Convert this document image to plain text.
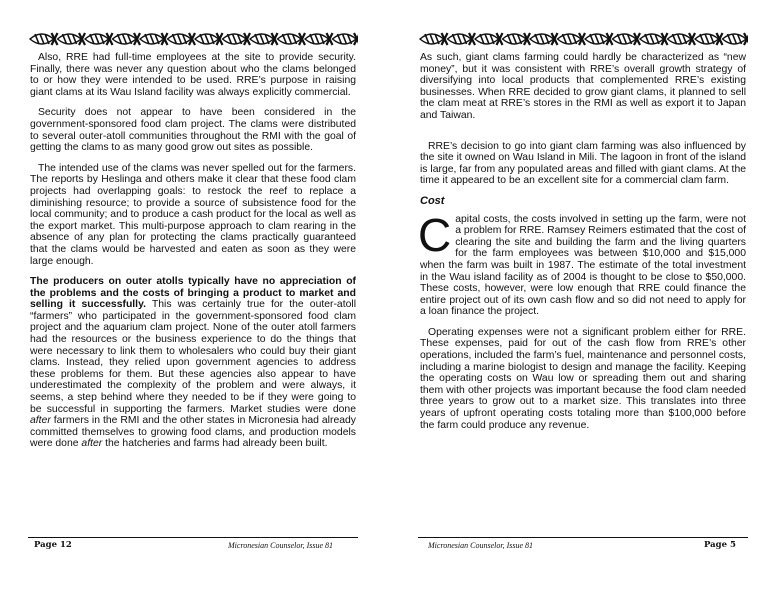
Also, RRE had full-time employees at the site to provide security. Finally, there was never any question about who the clams belonged to or how they were intended to be used. RRE’s purpose in raising giant clams at its Wau Island facility was always explicitly commercial.

Security does not appear to have been considered in the government-sponsored food clam project. The clams were distributed to several outer-atoll communities throughout the RMI with the goal of getting the clams to as many good grow out sites as possible.

The intended use of the clams was never spelled out for the farmers. The reports by Heslinga and others make it clear that these food clam projects had overlapping goals: to restock the reef to replace a diminishing resource; to provide a source of subsistence food for the local community; and to produce a cash product for the local as well as the export market. This multi-purpose approach to clam rearing in the absence of any plan for protecting the clams practically guaranteed that the clams would be harvested and eaten as soon as they were large enough.

The producers on outer atolls typically have no appreciation of the problems and the costs of bringing a product to market and selling it successfully. This was certainly true for the outer-atoll “farmers” who participated in the government-sponsored food clam project and the aquarium clam project. None of the outer atoll farmers had the resources or the business experience to do the things that were necessary to link them to wholesalers who could buy their giant clams. Instead, they relied upon government agencies to address these problems for them. But these agencies also appear to have underestimated the complexity of the problem and were always, it seems, a step behind where they needed to be if they were going to be successful in supporting the farmers. Market studies were done after farmers in the RMI and the other states in Micronesia had already committed themselves to growing food clams, and production models were done after the hatcheries and farms had already been built.

Page 12	Micronesian Counselor, Issue 81

As such, giant clams farming could hardly be characterized as “new money”, but it was consistent with RRE’s overall growth strategy of diversifying into local products that complemented RRE’s existing businesses. When RRE decided to grow giant clams, it planned to sell the clam meat at RRE’s stores in the RMI as well as export it to Japan and Taiwan.

RRE’s decision to go into giant clam farming was also influenced by the site it owned on Wau Island in Mili. The lagoon in front of the island is large, far from any populated areas and filled with giant clams. At the time it appeared to be an excellent site for a commercial clam farm.

Cost

Capital costs, the costs involved in setting up the farm, were not a problem for RRE. Ramsey Reimers estimated that the cost of clearing the site and building the farm and the living quarters for the farm employees was between $10,000 and $15,000 when the farm was built in 1987. The estimate of the total investment in the Wau island facility as of 2004 is thought to be close to $50,000. These costs, however, were low enough that RRE could finance the entire project out of its own cash flow and so did not need to apply for a loan finance the project.

Operating expenses were not a significant problem either for RRE. These expenses, paid for out of the cash flow from RRE’s other operations, included the farm’s fuel, maintenance and personnel costs, including a marine biologist to design and manage the facility. Keeping the operating costs on Wau low or spreading them out and sharing them with other projects was important because the food clam needed three years to grow out to a market size. This translates into three years of upfront operating costs totaling more than $100,000 before the farm could produce any revenue.

Micronesian Counselor, Issue 81	Page 5
